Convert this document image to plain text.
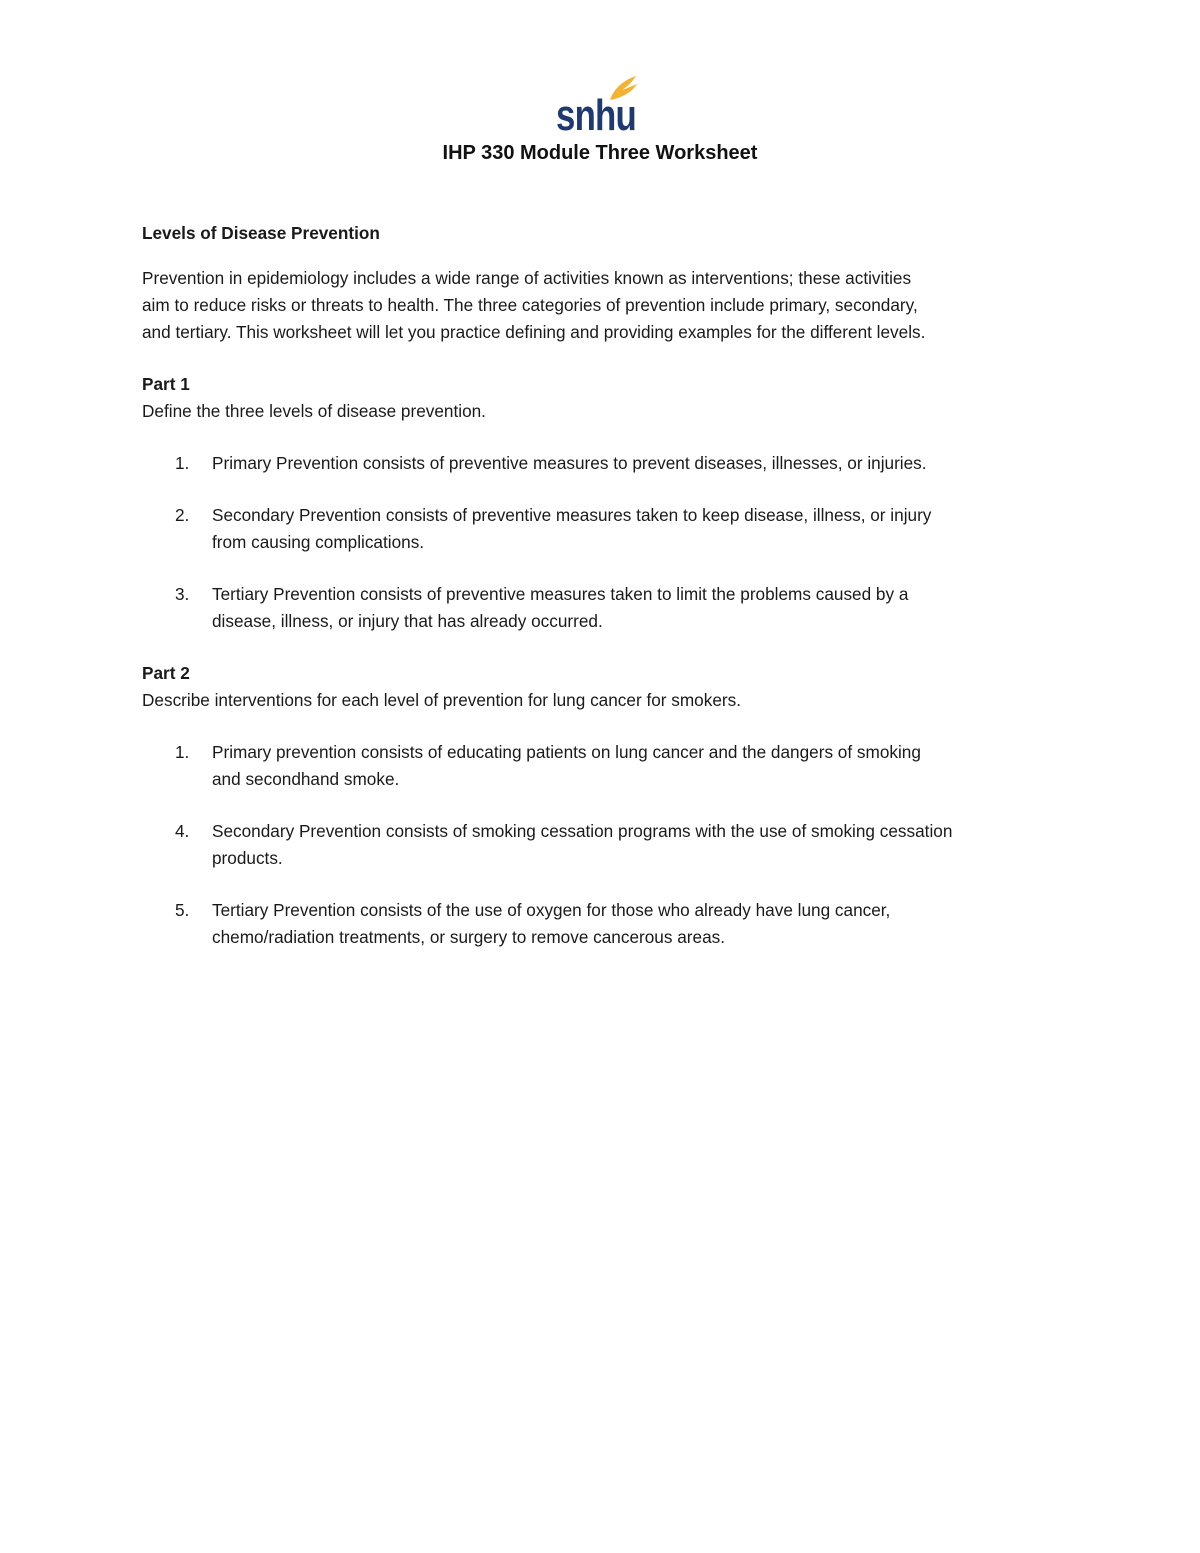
snhu
IHP 330 Module Three Worksheet

Levels of Disease Prevention

Prevention in epidemiology includes a wide range of activities known as interventions; these activities
aim to reduce risks or threats to health. The three categories of prevention include primary, secondary,
and tertiary. This worksheet will let you practice defining and providing examples for the different levels.

Part 1

Define the three levels of disease prevention.

1. Primary Prevention consists of preventive measures to prevent diseases, illnesses, or injuries.
2. Secondary Prevention consists of preventive measures taken to keep disease, illness, or injury
from causing complications.
3. Tertiary Prevention consists of preventive measures taken to limit the problems caused by a
disease, illness, or injury that has already occurred.

Part 2

Describe interventions for each level of prevention for lung cancer for smokers.

1. Primary prevention consists of educating patients on lung cancer and the dangers of smoking
and secondhand smoke.
4. Secondary Prevention consists of smoking cessation programs with the use of smoking cessation
products.
5. Tertiary Prevention consists of the use of oxygen for those who already have lung cancer,
chemo/radiation treatments, or surgery to remove cancerous areas.
